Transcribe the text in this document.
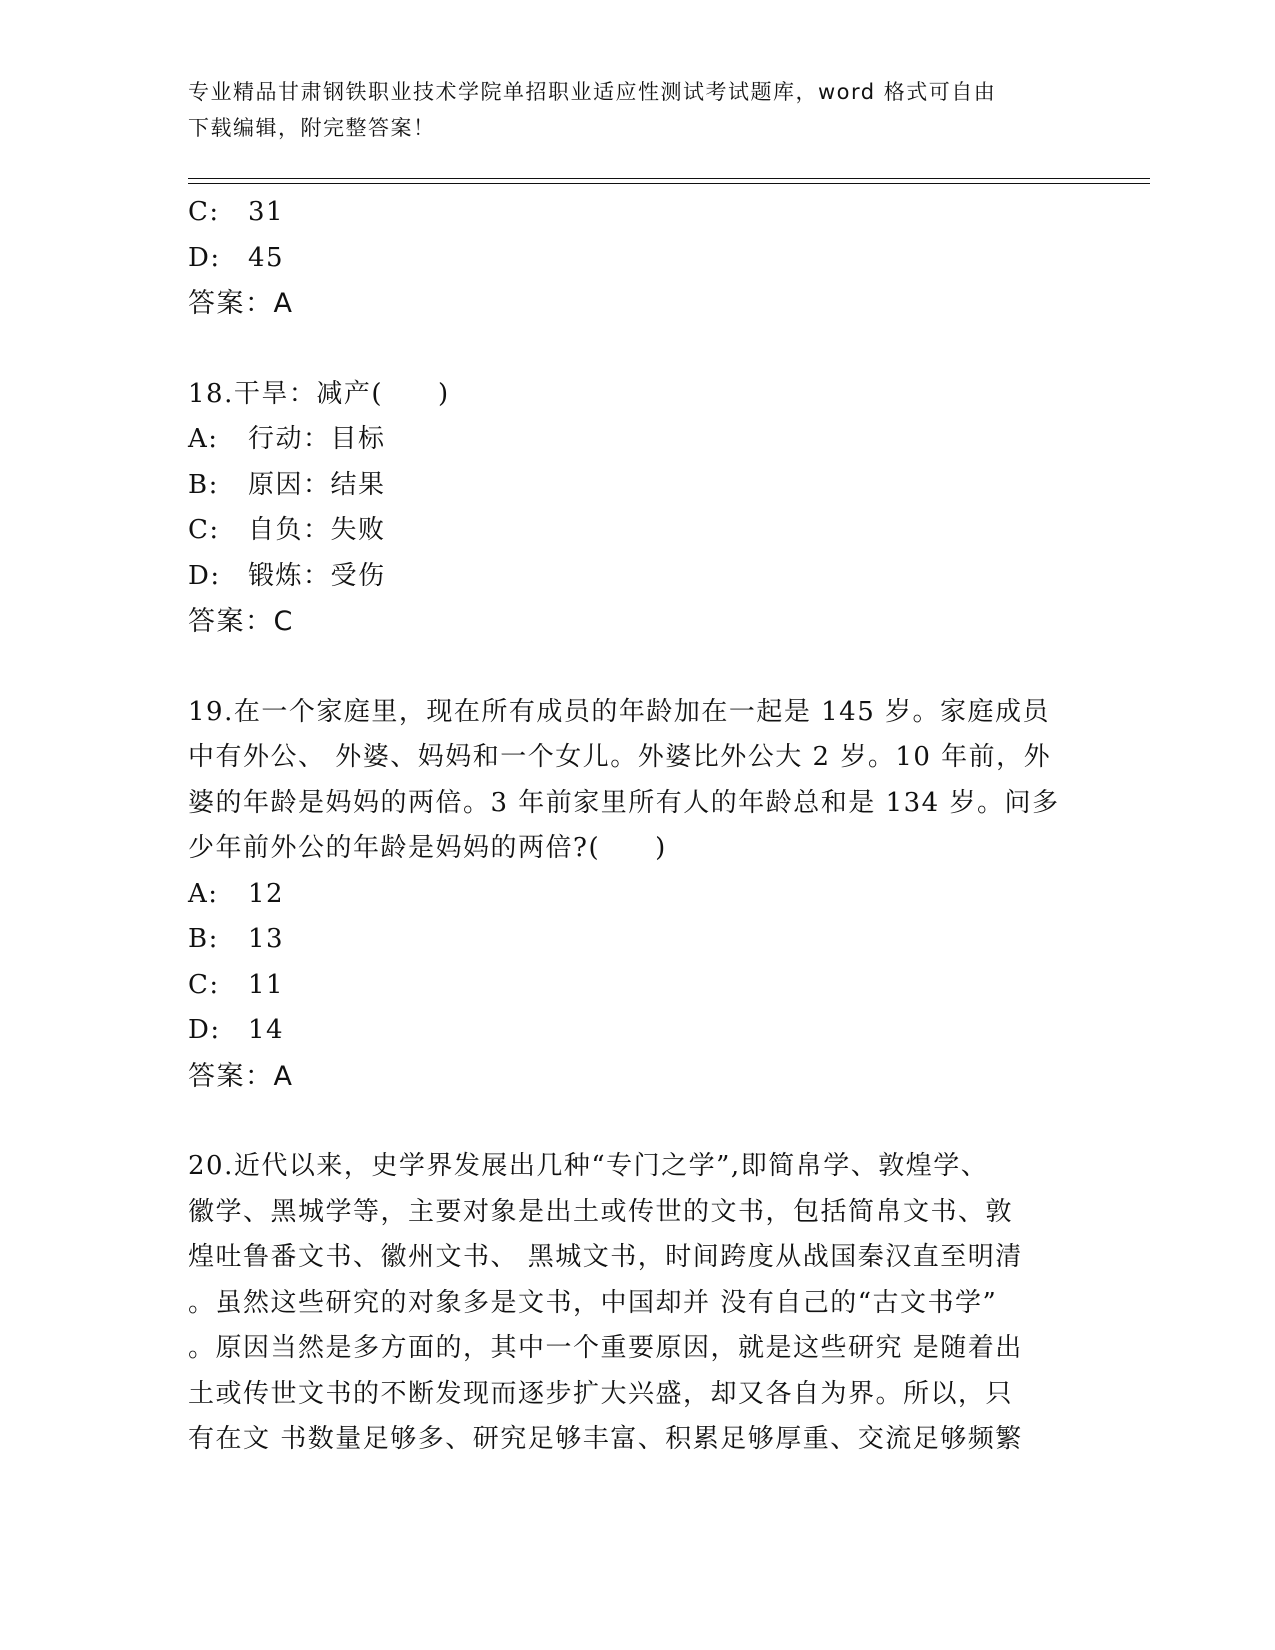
专业精品甘肃钢铁职业技术学院单招职业适应性测试考试题库，word 格式可自由
下载编辑，附完整答案！
C: 31
D: 45
答案：A
18.干旱：减产(　　)
A: 行动：目标
B: 原因：结果
C: 自负：失败
D: 锻炼：受伤
答案：C
19.在一个家庭里，现在所有成员的年龄加在一起是 145 岁。家庭成员
中有外公、 外婆、妈妈和一个女儿。外婆比外公大 2 岁。10 年前，外
婆的年龄是妈妈的两倍。3 年前家里所有人的年龄总和是 134 岁。问多
少年前外公的年龄是妈妈的两倍?(　　)
A: 12
B: 13
C: 11
D: 14
答案：A
20.近代以来，史学界发展出几种“专门之学”,即简帛学、敦煌学、
徽学、黑城学等，主要对象是出土或传世的文书，包括简帛文书、敦
煌吐鲁番文书、徽州文书、 黑城文书，时间跨度从战国秦汉直至明清
。虽然这些研究的对象多是文书，中国却并 没有自己的“古文书学”
。原因当然是多方面的，其中一个重要原因，就是这些研究 是随着出
土或传世文书的不断发现而逐步扩大兴盛，却又各自为界。所以，只
有在文 书数量足够多、研究足够丰富、积累足够厚重、交流足够频繁
